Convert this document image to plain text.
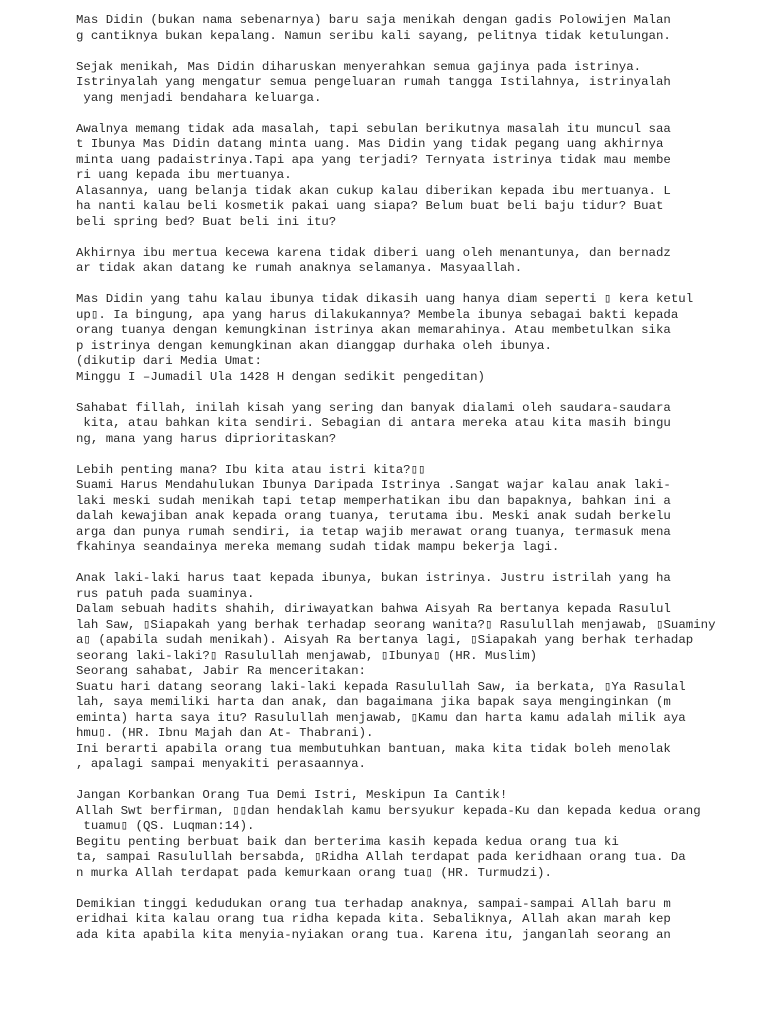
Mas Didin (bukan nama sebenarnya) baru saja menikah dengan gadis Polowijen Malan
g cantiknya bukan kepalang. Namun seribu kali sayang, pelitnya tidak ketulungan.
Sejak menikah, Mas Didin diharuskan menyerahkan semua gajinya pada istrinya.
Istrinyalah yang mengatur semua pengeluaran rumah tangga Istilahnya, istrinyalah
yang menjadi bendahara keluarga.
Awalnya memang tidak ada masalah, tapi sebulan berikutnya masalah itu muncul saa
t Ibunya Mas Didin datang minta uang. Mas Didin yang tidak pegang uang akhirnya
minta uang padaistrinya.Tapi apa yang terjadi? Ternyata istrinya tidak mau membe
ri uang kepada ibu mertuanya.
Alasannya, uang belanja tidak akan cukup kalau diberikan kepada ibu mertuanya. L
ha nanti kalau beli kosmetik pakai uang siapa? Belum buat beli baju tidur? Buat
beli spring bed? Buat beli ini itu?
Akhirnya ibu mertua kecewa karena tidak diberi uang oleh menantunya, dan bernadz
ar tidak akan datang ke rumah anaknya selamanya. Masyaallah.
Mas Didin yang tahu kalau ibunya tidak dikasih uang hanya diam seperti ▯ kera ketul
up▯. Ia bingung, apa yang harus dilakukannya? Membela ibunya sebagai bakti kepada
orang tuanya dengan kemungkinan istrinya akan memarahinya. Atau membetulkan sika
p istrinya dengan kemungkinan akan dianggap durhaka oleh ibunya.
(dikutip dari Media Umat:
Minggu I –Jumadil Ula 1428 H dengan sedikit pengeditan)
Sahabat fillah, inilah kisah yang sering dan banyak dialami oleh saudara-saudara
kita, atau bahkan kita sendiri. Sebagian di antara mereka atau kita masih bingu
ng, mana yang harus diprioritaskan?
Lebih penting mana? Ibu kita atau istri kita?▯▯
Suami Harus Mendahulukan Ibunya Daripada Istrinya .Sangat wajar kalau anak laki-
laki meski sudah menikah tapi tetap memperhatikan ibu dan bapaknya, bahkan ini a
dalah kewajiban anak kepada orang tuanya, terutama ibu. Meski anak sudah berkelu
arga dan punya rumah sendiri, ia tetap wajib merawat orang tuanya, termasuk mena
fkahinya seandainya mereka memang sudah tidak mampu bekerja lagi.
Anak laki-laki harus taat kepada ibunya, bukan istrinya. Justru istrilah yang ha
rus patuh pada suaminya.
Dalam sebuah hadits shahih, diriwayatkan bahwa Aisyah Ra bertanya kepada Rasulul
lah Saw, ▯Siapakah yang berhak terhadap seorang wanita?▯ Rasulullah menjawab, ▯Suaminy
a▯ (apabila sudah menikah). Aisyah Ra bertanya lagi, ▯Siapakah yang berhak terhadap
seorang laki-laki?▯ Rasulullah menjawab, ▯Ibunya▯ (HR. Muslim)
Seorang sahabat, Jabir Ra menceritakan:
Suatu hari datang seorang laki-laki kepada Rasulullah Saw, ia berkata, ▯Ya Rasulal
lah, saya memiliki harta dan anak, dan bagaimana jika bapak saya menginginkan (m
eminta) harta saya itu? Rasulullah menjawab, ▯Kamu dan harta kamu adalah milik aya
hmu▯. (HR. Ibnu Majah dan At- Thabrani).
Ini berarti apabila orang tua membutuhkan bantuan, maka kita tidak boleh menolak
, apalagi sampai menyakiti perasaannya.
Jangan Korbankan Orang Tua Demi Istri, Meskipun Ia Cantik!
Allah Swt berfirman, ▯▯dan hendaklah kamu bersyukur kepada-Ku dan kepada kedua orang
tuamu▯ (QS. Luqman:14).
Begitu penting berbuat baik dan berterima kasih kepada kedua orang tua ki
ta, sampai Rasulullah bersabda, ▯Ridha Allah terdapat pada keridhaan orang tua. Da
n murka Allah terdapat pada kemurkaan orang tua▯ (HR. Turmudzi).
Demikian tinggi kedudukan orang tua terhadap anaknya, sampai-sampai Allah baru m
eridhai kita kalau orang tua ridha kepada kita. Sebaliknya, Allah akan marah kep
ada kita apabila kita menyia-nyiakan orang tua. Karena itu, janganlah seorang an
